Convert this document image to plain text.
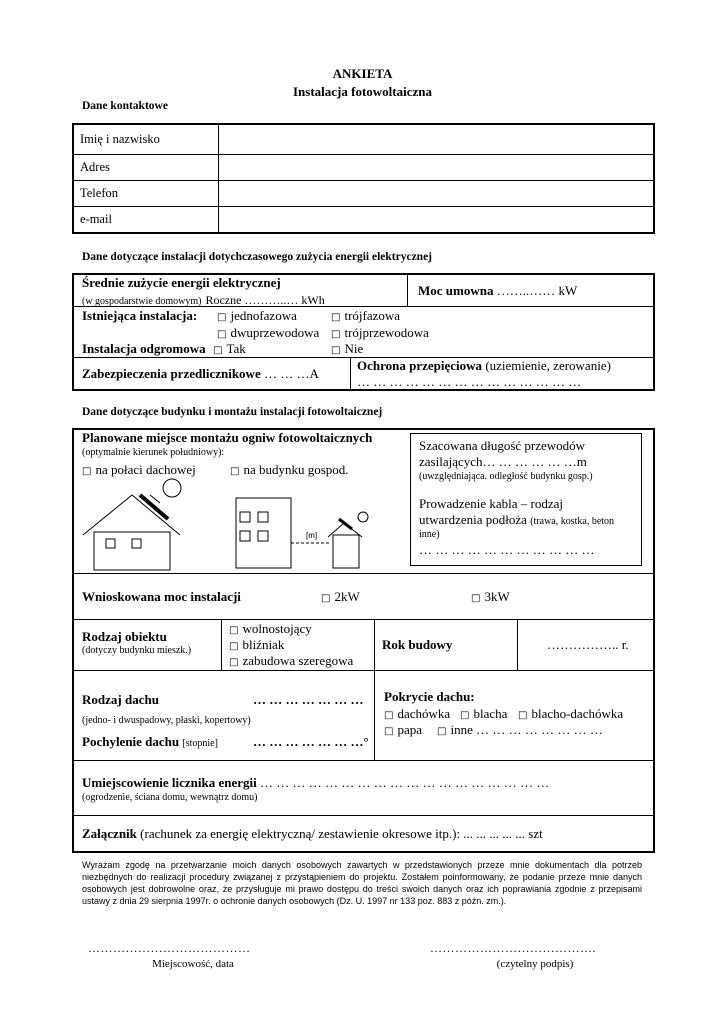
ANKIETA
Instalacja fotowoltaiczna
Dane kontaktowe
Imię i nazwisko	
Adres	
Telefon	
e-mail	
Dane dotyczące instalacji dotychczasowego zużycia energii elektrycznej
Średnie zużycie energii elektrycznej
(w gospodarstwie domowym) Roczne ………..… kWh
Moc umowna ……..…… kW
Istniejąca instalacja:	□ jednofazowa	□ trójfazowa
□ dwuprzewodowa	□ trójprzewodowa
Instalacja odgromowa	□ Tak	□ Nie
Zabezpieczenia przedlicznikowe … … …A
Ochrona przepięciowa (uziemienie, zerowanie)
… … … … … … … … … … … … … …
Dane dotyczące budynku i montażu instalacji fotowoltaicznej
Planowane miejsce montażu ogniw fotowoltaicznych
(optymalnie kierunek południowy):
□ na połaci dachowej	□ na budynku gospod.
[m]
Szacowana długość przewodów
zasilających… … … … … …m
(uwzględniająca. odległość budynku gosp.)
Prowadzenie kabla – rodzaj
utwardzenia podłoża (trawa, kostka, beton
inne)
… … … … … … … … … … …
Wnioskowana moc instalacji	□ 2kW	□ 3kW
Rodzaj obiektu
(dotyczy budynku mieszk.)
□ wolnostojący
□ bliźniak
□ zabudowa szeregowa
Rok budowy	…………….. r.
Rodzaj dachu	… … … … … … …
(jedno- i dwuspadowy, płaski, kopertowy)
Pochylenie dachu [stopnie]	… … … … … … …°
Pokrycie dachu:
□ dachówka	□ blacha	□ blacho-dachówka
□ papa	□ inne … … … … … … … …
Umiejscowienie licznika energii … … … … … … … … … … … … … … … … … …
(ogrodzenie, ściana domu, wewnątrz domu)
Załącznik (rachunek za energię elektryczną/ zestawienie okresowe itp.): ... ... ... ... ... szt
Wyrażam zgodę na przetwarzanie moich danych osobowych zawartych w przedstawionych przeze mnie dokumentach dla potrzeb niezbędnych do realizacji procedury związanej z przystąpieniem do projektu. Zostałem poinformowany, że podanie przeze mnie danych osobowych jest dobrowolne oraz, że przysługuje mi prawo dostępu do treści swoich danych oraz ich poprawiania zgodnie z przepisami ustawy z dnia 29 sierpnia 1997r. o ochronie danych osobowych (Dz. U. 1997 nr 133 poz. 883 z późn. zm.).
…………………………………
Miejscowość, data
………………………………….
(czytelny podpis)
